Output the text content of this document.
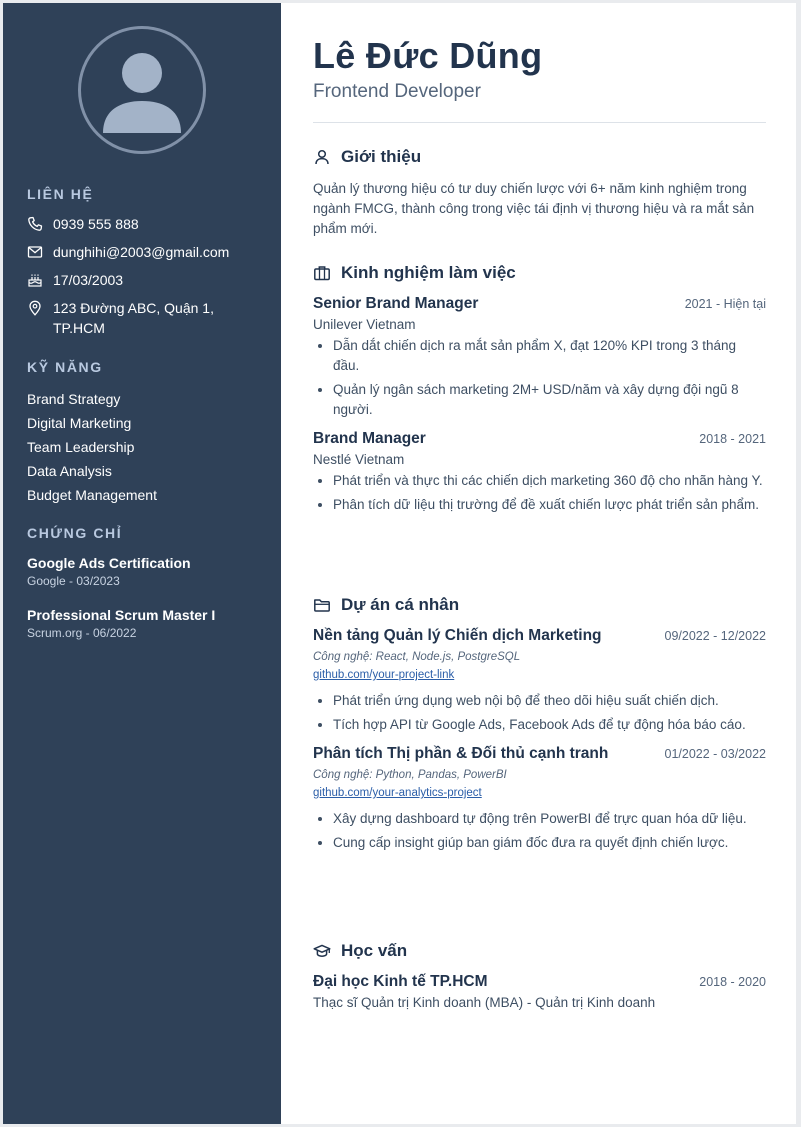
LIÊN HỆ
0939 555 888
dunghihi@2003@gmail.com
17/03/2003
123 Đường ABC, Quận 1, TP.HCM
KỸ NĂNG
Brand Strategy
Digital Marketing
Team Leadership
Data Analysis
Budget Management
CHỨNG CHỈ
Google Ads Certification
Google - 03/2023
Professional Scrum Master I
Scrum.org - 06/2022
Lê Đức Dũng
Frontend Developer
Giới thiệu
Quản lý thương hiệu có tư duy chiến lược với 6+ năm kinh nghiệm trong ngành FMCG, thành công trong việc tái định vị thương hiệu và ra mắt sản phẩm mới.
Kinh nghiệm làm việc
Senior Brand Manager	2021 - Hiện tại
Unilever Vietnam
• Dẫn dắt chiến dịch ra mắt sản phẩm X, đạt 120% KPI trong 3 tháng đầu.
• Quản lý ngân sách marketing 2M+ USD/năm và xây dựng đội ngũ 8 người.
Brand Manager	2018 - 2021
Nestlé Vietnam
• Phát triển và thực thi các chiến dịch marketing 360 độ cho nhãn hàng Y.
• Phân tích dữ liệu thị trường để đề xuất chiến lược phát triển sản phẩm.
Dự án cá nhân
Nền tảng Quản lý Chiến dịch Marketing	09/2022 - 12/2022
Công nghệ: React, Node.js, PostgreSQL
github.com/your-project-link
• Phát triển ứng dụng web nội bộ để theo dõi hiệu suất chiến dịch.
• Tích hợp API từ Google Ads, Facebook Ads để tự động hóa báo cáo.
Phân tích Thị phần & Đối thủ cạnh tranh	01/2022 - 03/2022
Công nghệ: Python, Pandas, PowerBI
github.com/your-analytics-project
• Xây dựng dashboard tự động trên PowerBI để trực quan hóa dữ liệu.
• Cung cấp insight giúp ban giám đốc đưa ra quyết định chiến lược.
Học vấn
Đại học Kinh tế TP.HCM	2018 - 2020
Thạc sĩ Quản trị Kinh doanh (MBA) - Quản trị Kinh doanh
